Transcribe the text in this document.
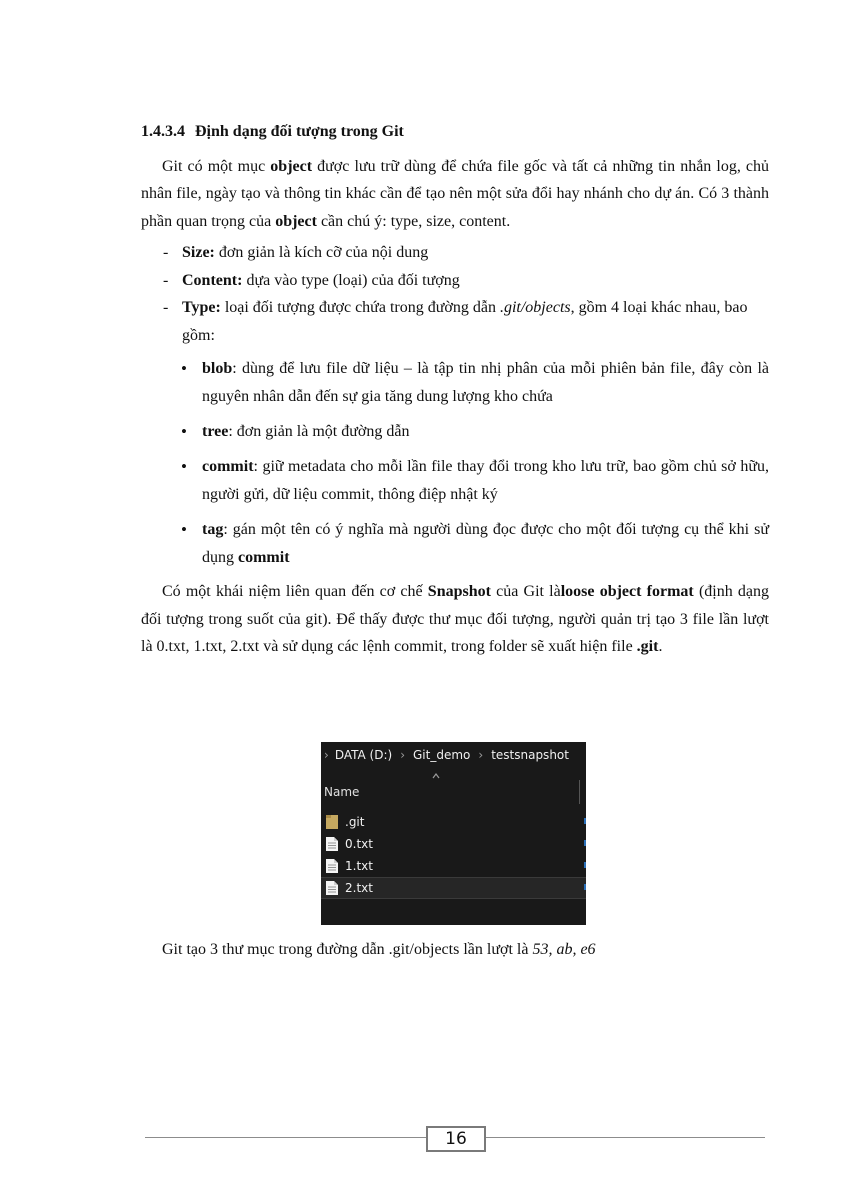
1.4.3.4 Định dạng đối tượng trong Git

Git có một mục object được lưu trữ dùng để chứa file gốc và tất cả những tin nhắn log, chủ nhân file, ngày tạo và thông tin khác cần để tạo nên một sửa đổi hay nhánh cho dự án. Có 3 thành phần quan trọng của object cần chú ý: type, size, content.

- Size: đơn giản là kích cỡ của nội dung
- Content: dựa vào type (loại) của đối tượng
- Type: loại đối tượng được chứa trong đường dẫn .git/objects, gồm 4 loại khác nhau, bao gồm:
• blob: dùng để lưu file dữ liệu – là tập tin nhị phân của mỗi phiên bản file, đây còn là nguyên nhân dẫn đến sự gia tăng dung lượng kho chứa
• tree: đơn giản là một đường dẫn
• commit: giữ metadata cho mỗi lần file thay đổi trong kho lưu trữ, bao gồm chủ sở hữu, người gửi, dữ liệu commit, thông điệp nhật ký
• tag: gán một tên có ý nghĩa mà người dùng đọc được cho một đối tượng cụ thể khi sử dụng commit

Có một khái niệm liên quan đến cơ chế Snapshot của Git làloose object format (định dạng đối tượng trong suốt của git). Để thấy được thư mục đối tượng, người quản trị tạo 3 file lần lượt là 0.txt, 1.txt, 2.txt và sử dụng các lệnh commit, trong folder sẽ xuất hiện file .git.

› DATA (D:) › Git_demo › testsnapshot
Name
.git
0.txt
1.txt
2.txt
Git tạo 3 thư mục trong đường dẫn .git/objects lần lượt là 53, ab, e6
16
